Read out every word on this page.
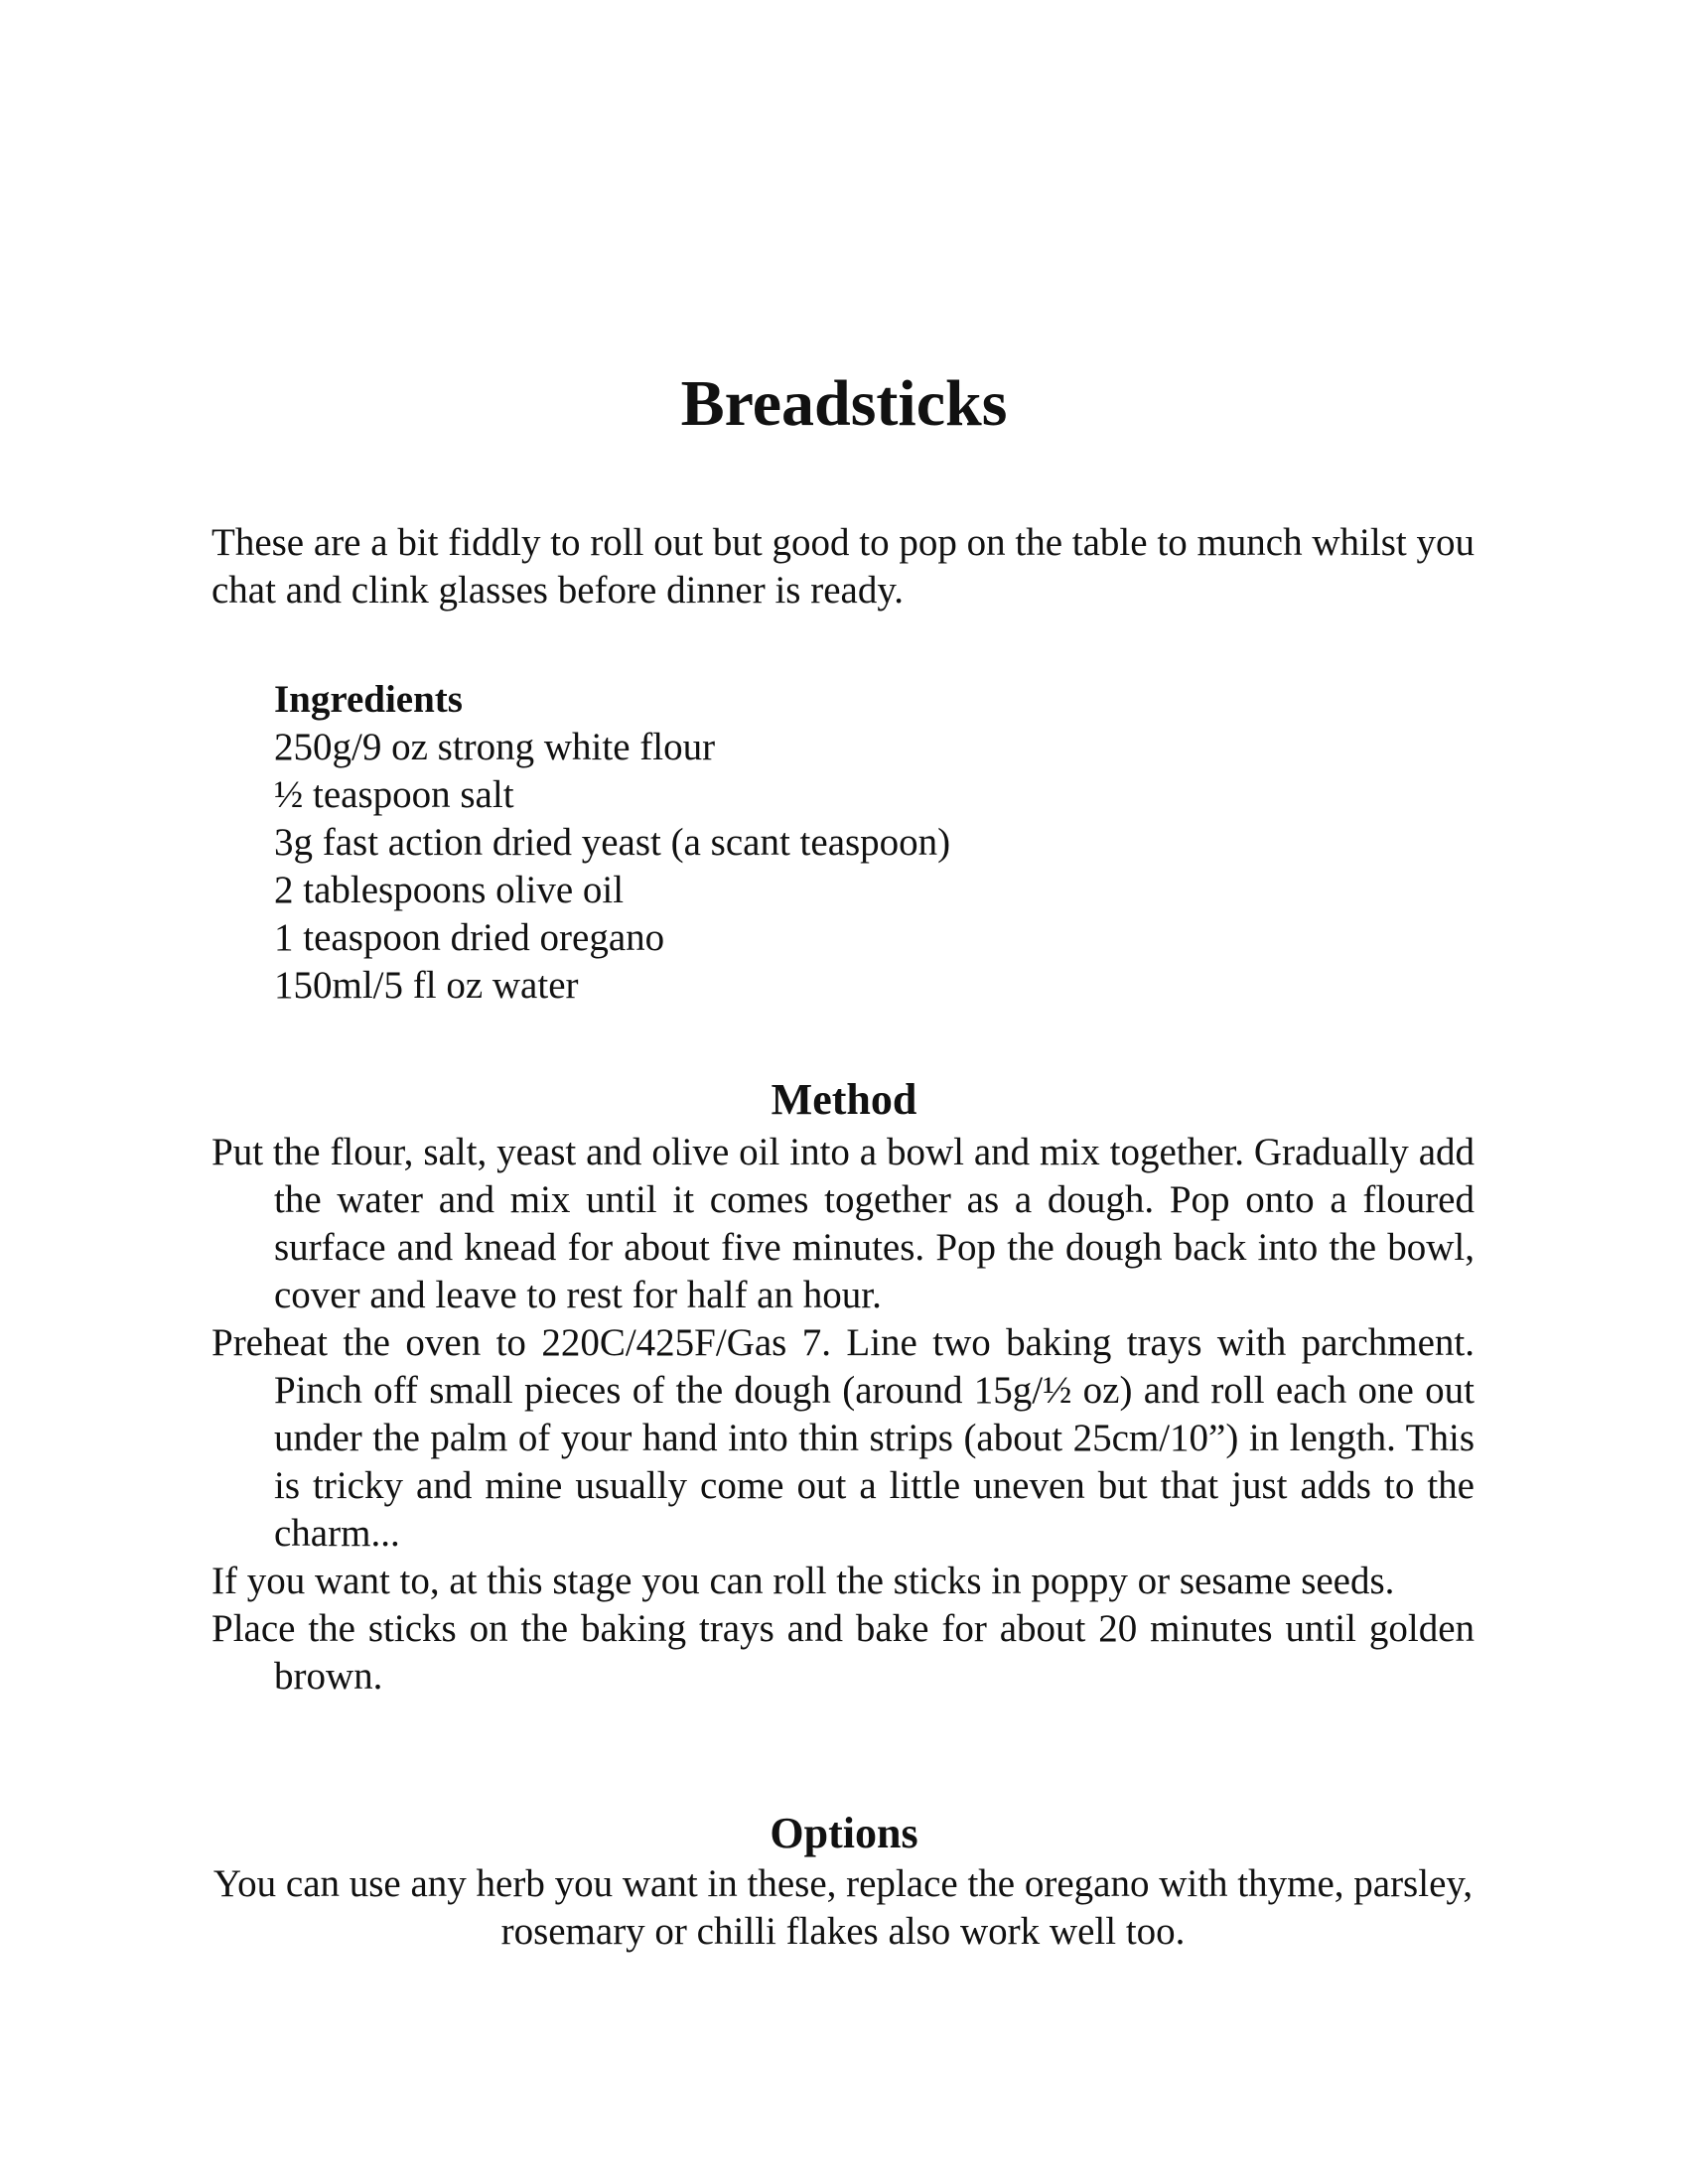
Breadsticks

These are a bit fiddly to roll out but good to pop on the table to munch whilst you chat and clink glasses before dinner is ready.

Ingredients

250g/9 oz strong white flour
½ teaspoon salt
3g fast action dried yeast (a scant teaspoon)
2 tablespoons olive oil
1 teaspoon dried oregano
150ml/5 fl oz water
Method
Put the flour, salt, yeast and olive oil into a bowl and mix together. Gradually add the water and mix until it comes together as a dough. Pop onto a floured surface and knead for about five minutes. Pop the dough back into the bowl, cover and leave to rest for half an hour.
Preheat the oven to 220C/425F/Gas 7. Line two baking trays with parchment. Pinch off small pieces of the dough (around 15g/½ oz) and roll each one out under the palm of your hand into thin strips (about 25cm/10”) in length. This is tricky and mine usually come out a little uneven but that just adds to the charm...
If you want to, at this stage you can roll the sticks in poppy or sesame seeds.
Place the sticks on the baking trays and bake for about 20 minutes until golden brown.
Options

You can use any herb you want in these, replace the oregano with thyme, parsley, rosemary or chilli flakes also work well too.
